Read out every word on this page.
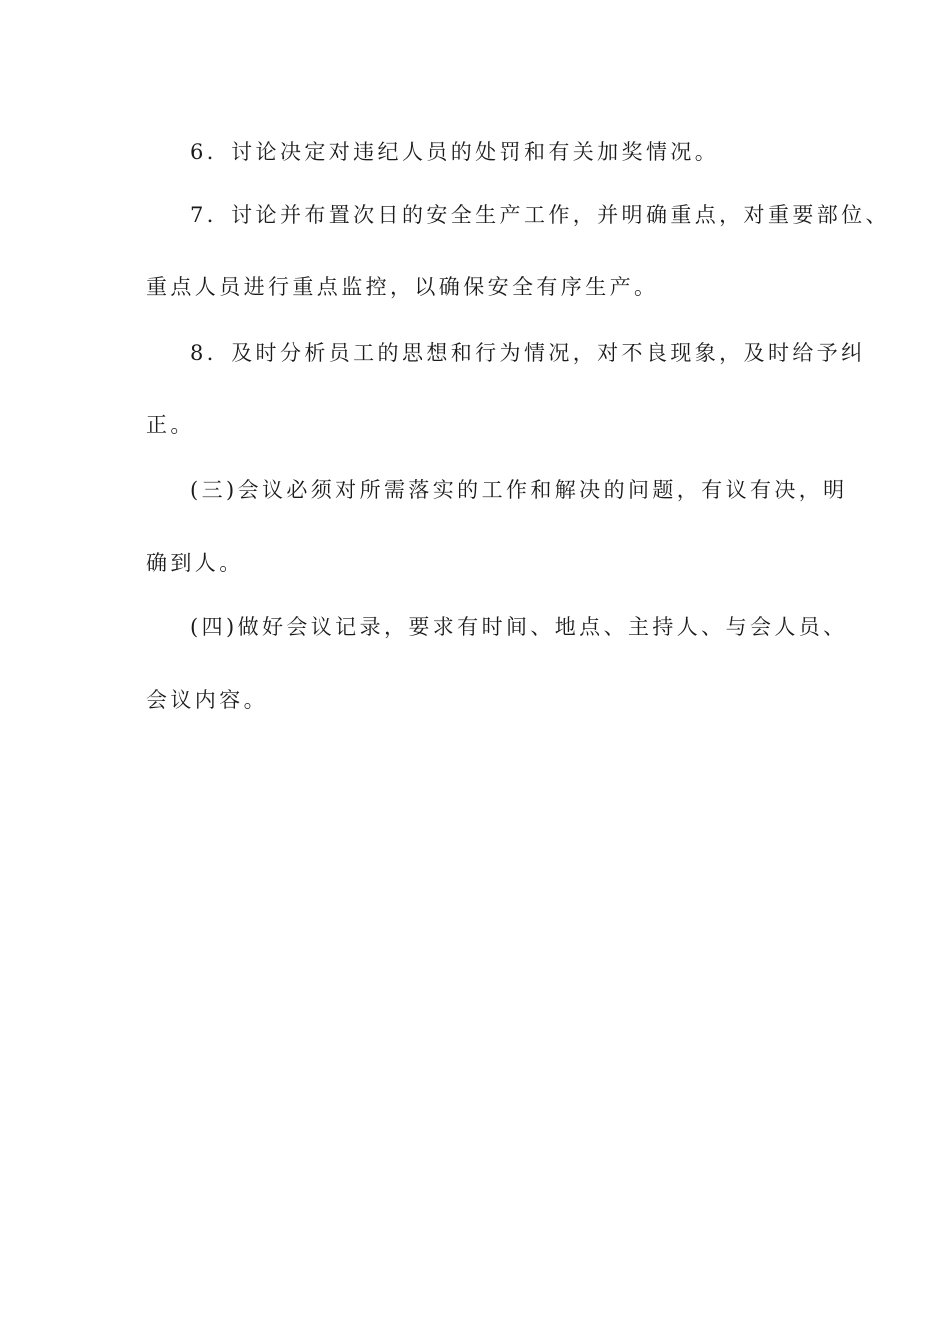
6．讨论决定对违纪人员的处罚和有关加奖情况。
7．讨论并布置次日的安全生产工作，并明确重点，对重要部位、
重点人员进行重点监控，以确保安全有序生产。
8．及时分析员工的思想和行为情况，对不良现象，及时给予纠
正。
(三)会议必须对所需落实的工作和解决的问题，有议有决，明
确到人。
(四)做好会议记录，要求有时间、地点、主持人、与会人员、
会议内容。
